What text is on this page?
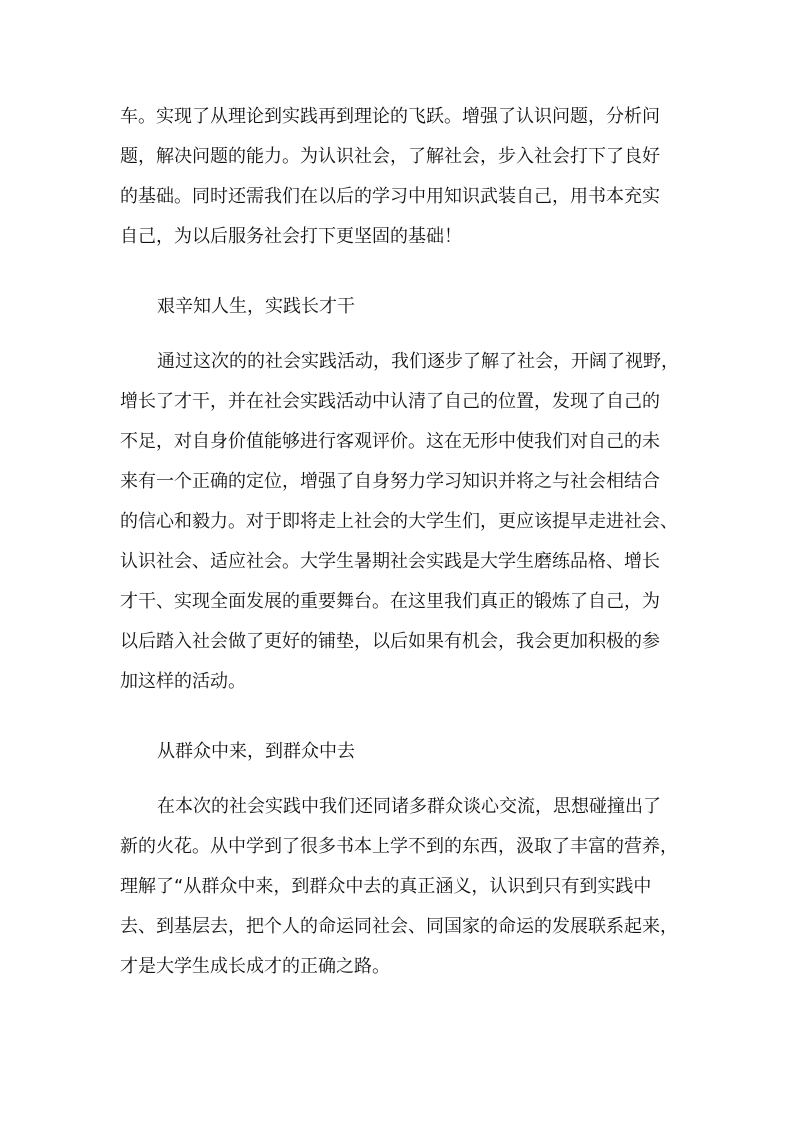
车。实现了从理论到实践再到理论的飞跃。增强了认识问题，分析问
题，解决问题的能力。为认识社会，了解社会，步入社会打下了良好
的基础。同时还需我们在以后的学习中用知识武装自己，用书本充实
自己，为以后服务社会打下更坚固的基础！
艰辛知人生，实践长才干
通过这次的的社会实践活动，我们逐步了解了社会，开阔了视野，
增长了才干，并在社会实践活动中认清了自己的位置，发现了自己的
不足，对自身价值能够进行客观评价。这在无形中使我们对自己的未
来有一个正确的定位，增强了自身努力学习知识并将之与社会相结合
的信心和毅力。对于即将走上社会的大学生们，更应该提早走进社会、
认识社会、适应社会。大学生暑期社会实践是大学生磨练品格、增长
才干、实现全面发展的重要舞台。在这里我们真正的锻炼了自己，为
以后踏入社会做了更好的铺垫，以后如果有机会，我会更加积极的参
加这样的活动。
从群众中来，到群众中去
在本次的社会实践中我们还同诸多群众谈心交流，思想碰撞出了
新的火花。从中学到了很多书本上学不到的东西，汲取了丰富的营养，
理解了“从群众中来，到群众中去的真正涵义，认识到只有到实践中
去、到基层去，把个人的命运同社会、同国家的命运的发展联系起来，
才是大学生成长成才的正确之路。
